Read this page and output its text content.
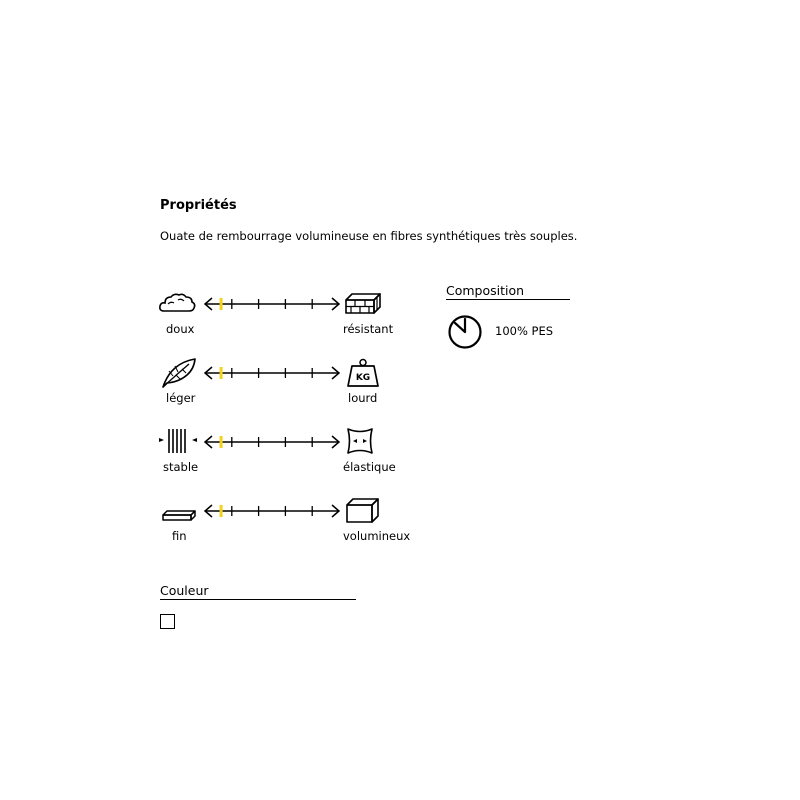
Propriétés
Ouate de rembourrage volumineuse en fibres synthétiques très souples.
doux	résistant
KG
léger	lourd
stable	élastique
fin	volumineux
Composition
100% PES
Couleur
